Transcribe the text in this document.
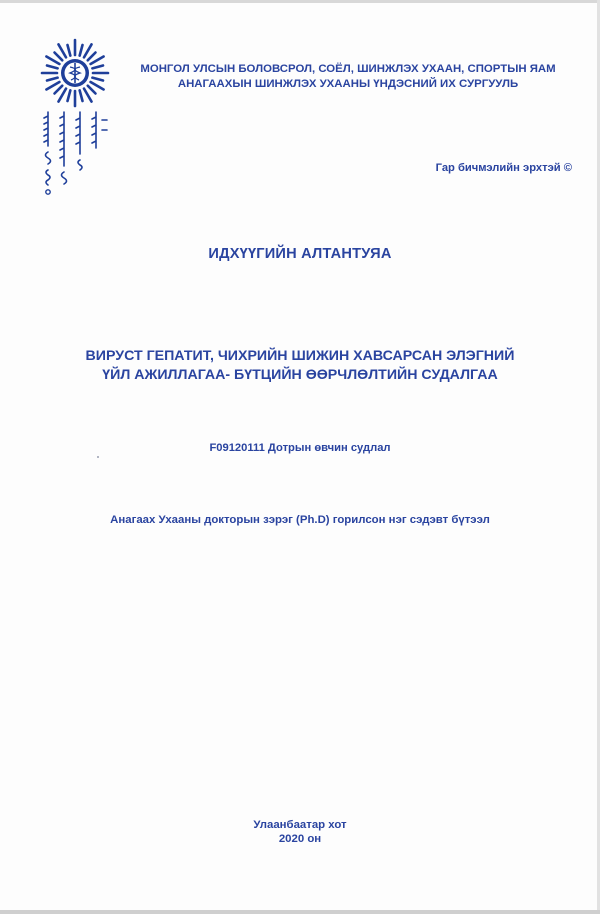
МОНГОЛ УЛСЫН БОЛОВСРОЛ, СОЁЛ, ШИНЖЛЭХ УХААН, СПОРТЫН ЯАМ
АНАГААХЫН ШИНЖЛЭХ УХААНЫ ҮНДЭСНИЙ ИХ СУРГУУЛЬ
Гар бичмэлийн эрхтэй ©
ИДХҮҮГИЙН АЛТАНТУЯА
ВИРУСТ ГЕПАТИТ, ЧИХРИЙН ШИЖИН ХАВСАРСАН ЭЛЭГНИЙ
ҮЙЛ АЖИЛЛАГАА- БҮТЦИЙН ӨӨРЧЛӨЛТИЙН СУДАЛГАА
F09120111 Дотрын өвчин судлал
Анагаах Ухааны докторын зэрэг (Ph.D) горилсон нэг сэдэвт бүтээл
Улаанбаатар хот
2020 он
